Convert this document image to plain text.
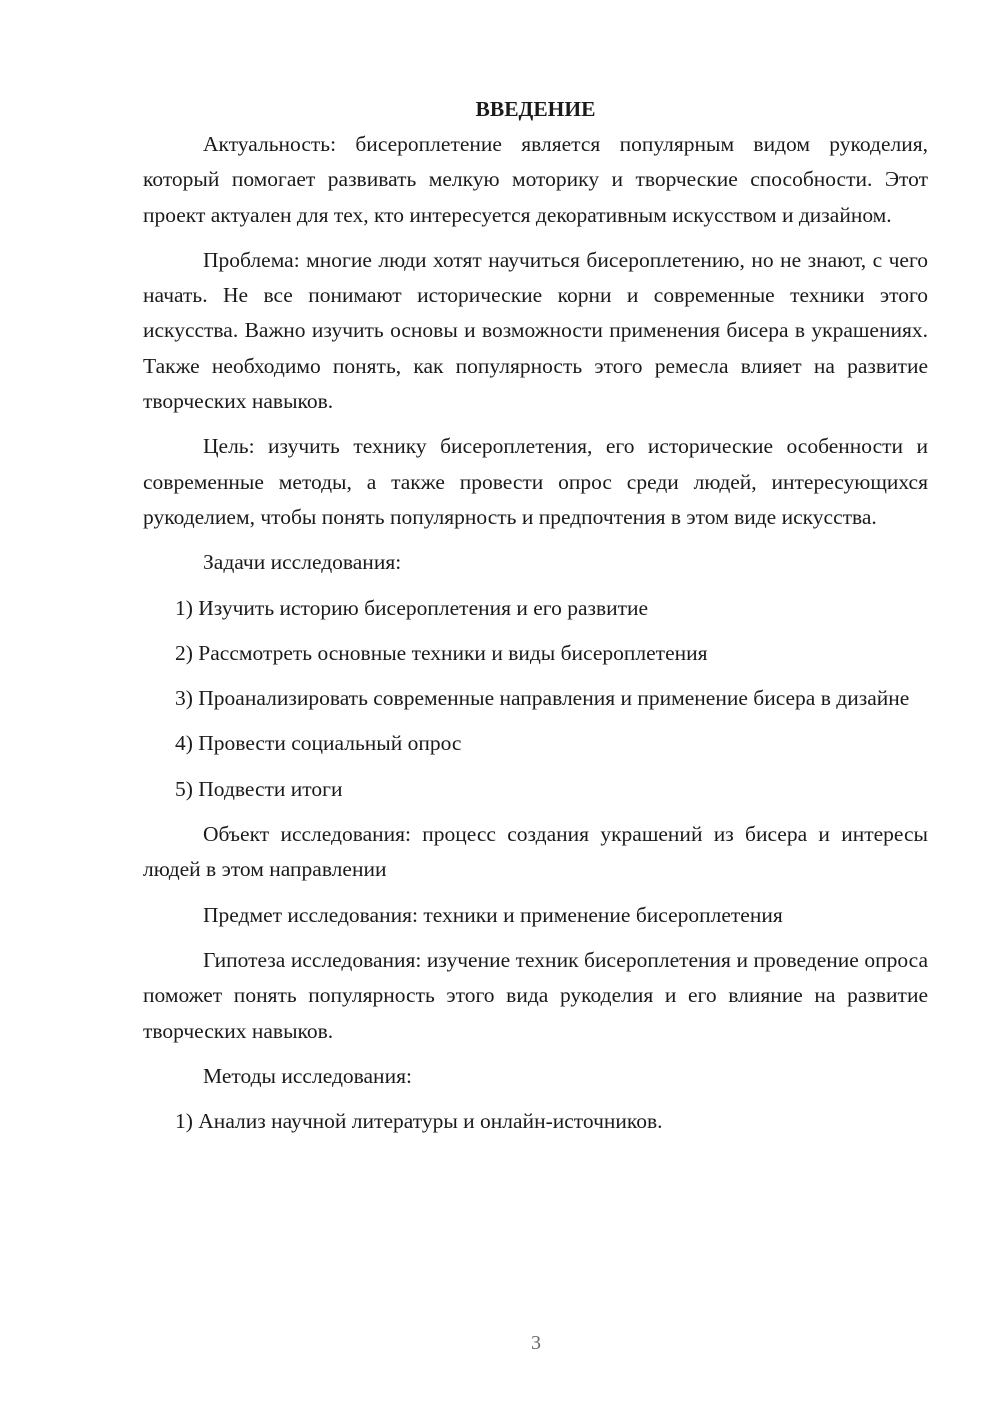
ВВЕДЕНИЕ

Актуальность: бисероплетение является популярным видом рукоделия, который помогает развивать мелкую моторику и творческие способности. Этот проект актуален для тех, кто интересуется декоративным искусством и дизайном.

Проблема: многие люди хотят научиться бисероплетению, но не знают, с чего начать. Не все понимают исторические корни и современные техники этого искусства. Важно изучить основы и возможности применения бисера в украшениях. Также необходимо понять, как популярность этого ремесла влияет на развитие творческих навыков.

Цель: изучить технику бисероплетения, его исторические особенности и современные методы, а также провести опрос среди людей, интересующихся рукоделием, чтобы понять популярность и предпочтения в этом виде искусства.

Задачи исследования:

1) Изучить историю бисероплетения и его развитие

2) Рассмотреть основные техники и виды бисероплетения

3) Проанализировать современные направления и применение бисера в дизайне

4) Провести социальный опрос

5) Подвести итоги

Объект исследования: процесс создания украшений из бисера и интересы людей в этом направлении

Предмет исследования: техники и применение бисероплетения

Гипотеза исследования: изучение техник бисероплетения и проведение опроса поможет понять популярность этого вида рукоделия и его влияние на развитие творческих навыков.

Методы исследования:

1) Анализ научной литературы и онлайн-источников.

3
